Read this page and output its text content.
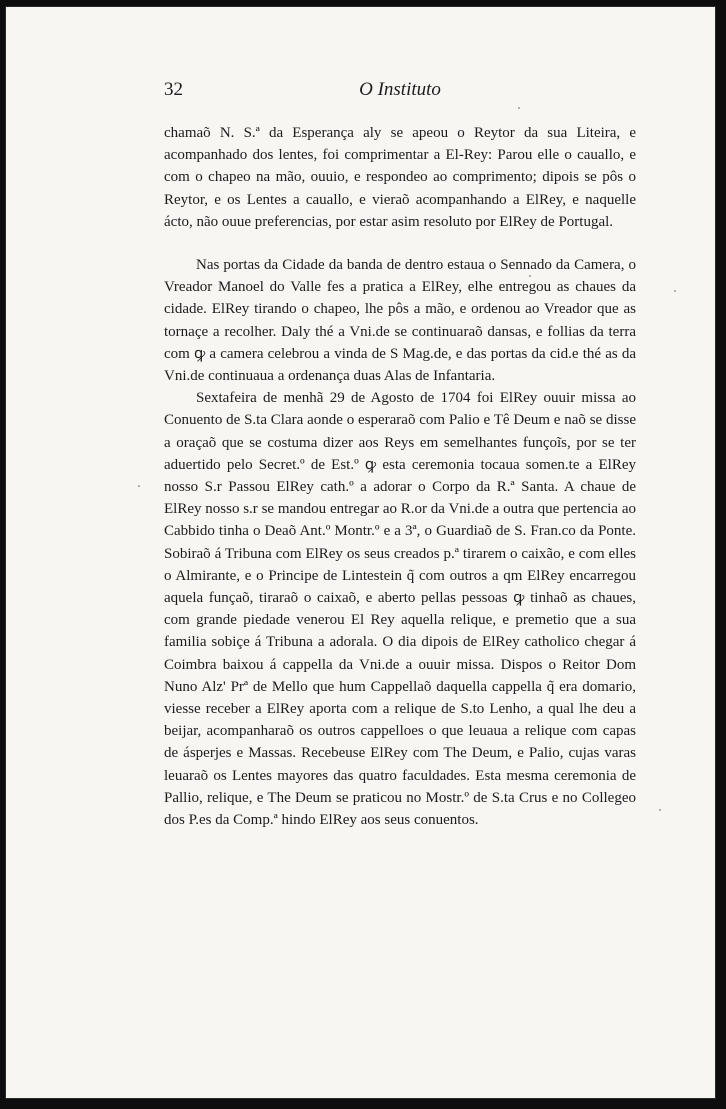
32	O Instituto

chamaõ N. S.ª da Esperança aly se apeou o Reytor da sua Liteira, e acompanhado dos lentes, foi comprimentar a El-Rey: Parou elle o cauallo, e com o chapeo na mão, ouuio, e respondeo ao comprimento; dipois se pôs o Reytor, e os Lentes a cauallo, e vieraõ acompanhando a ElRey, e naquelle ácto, não ouue preferencias, por estar asim resoluto por ElRey de Portugal.

Nas portas da Cidade da banda de dentro estaua o Sennado da Camera, o Vreador Manoel do Valle fes a pratica a ElRey, elhe entregou as chaues da cidade. ElRey tirando o chapeo, lhe pôs a mão, e ordenou ao Vreador que as tornaçe a recolher. Daly thé a Vni.de se continuaraõ dansas, e follias da terra com ꝙ a camera celebrou a vinda de S Mag.de, e das portas da cid.e thé as da Vni.de continuaua a ordenança duas Alas de Infantaria.

Sextafeira de menhã 29 de Agosto de 1704 foi ElRey ouuir missa ao Conuento de S.ta Clara aonde o esperaraõ com Palio e Tê Deum e naõ se disse a oraçaõ que se costuma dizer aos Reys em semelhantes funçoĩs, por se ter aduertido pelo Secret.º de Est.º ꝙ esta ceremonia tocaua somen.te a ElRey nosso S.r Passou ElRey cath.º a adorar o Corpo da R.ª Santa. A chaue de ElRey nosso s.r se mandou entregar ao R.or da Vni.de a outra que pertencia ao Cabbido tinha o Deaõ Ant.º Montr.º e a 3ª, o Guardiaõ de S. Fran.co da Ponte. Sobiraõ á Tribuna com ElRey os seus creados p.ª tirarem o caixão, e com elles o Almirante, e o Principe de Lintestein q̃ com outros a qm ElRey encarregou aquela funçaõ, tiraraõ o caixaõ, e aberto pellas pessoas ꝙ tinhaõ as chaues, com grande piedade venerou El Rey aquella relique, e premetio que a sua familia sobiçe á Tribuna a adorala. O dia dipois de ElRey catholico chegar á Coimbra baixou á cappella da Vni.de a ouuir missa. Dispos o Reitor Dom Nuno Alz' Prª de Mello que hum Cappellaõ daquella cappella q̃ era domario, viesse receber a ElRey aporta com a relique de S.to Lenho, a qual lhe deu a beijar, acompanharaõ os outros cappelloes o que leuaua a relique com capas de ásperjes e Massas. Recebeuse ElRey com The Deum, e Palio, cujas varas leuaraõ os Lentes mayores das quatro faculdades. Esta mesma ceremonia de Pallio, relique, e The Deum se praticou no Mostr.º de S.ta Crus e no Collegeo dos P.es da Comp.ª hindo ElRey aos seus conuentos.
